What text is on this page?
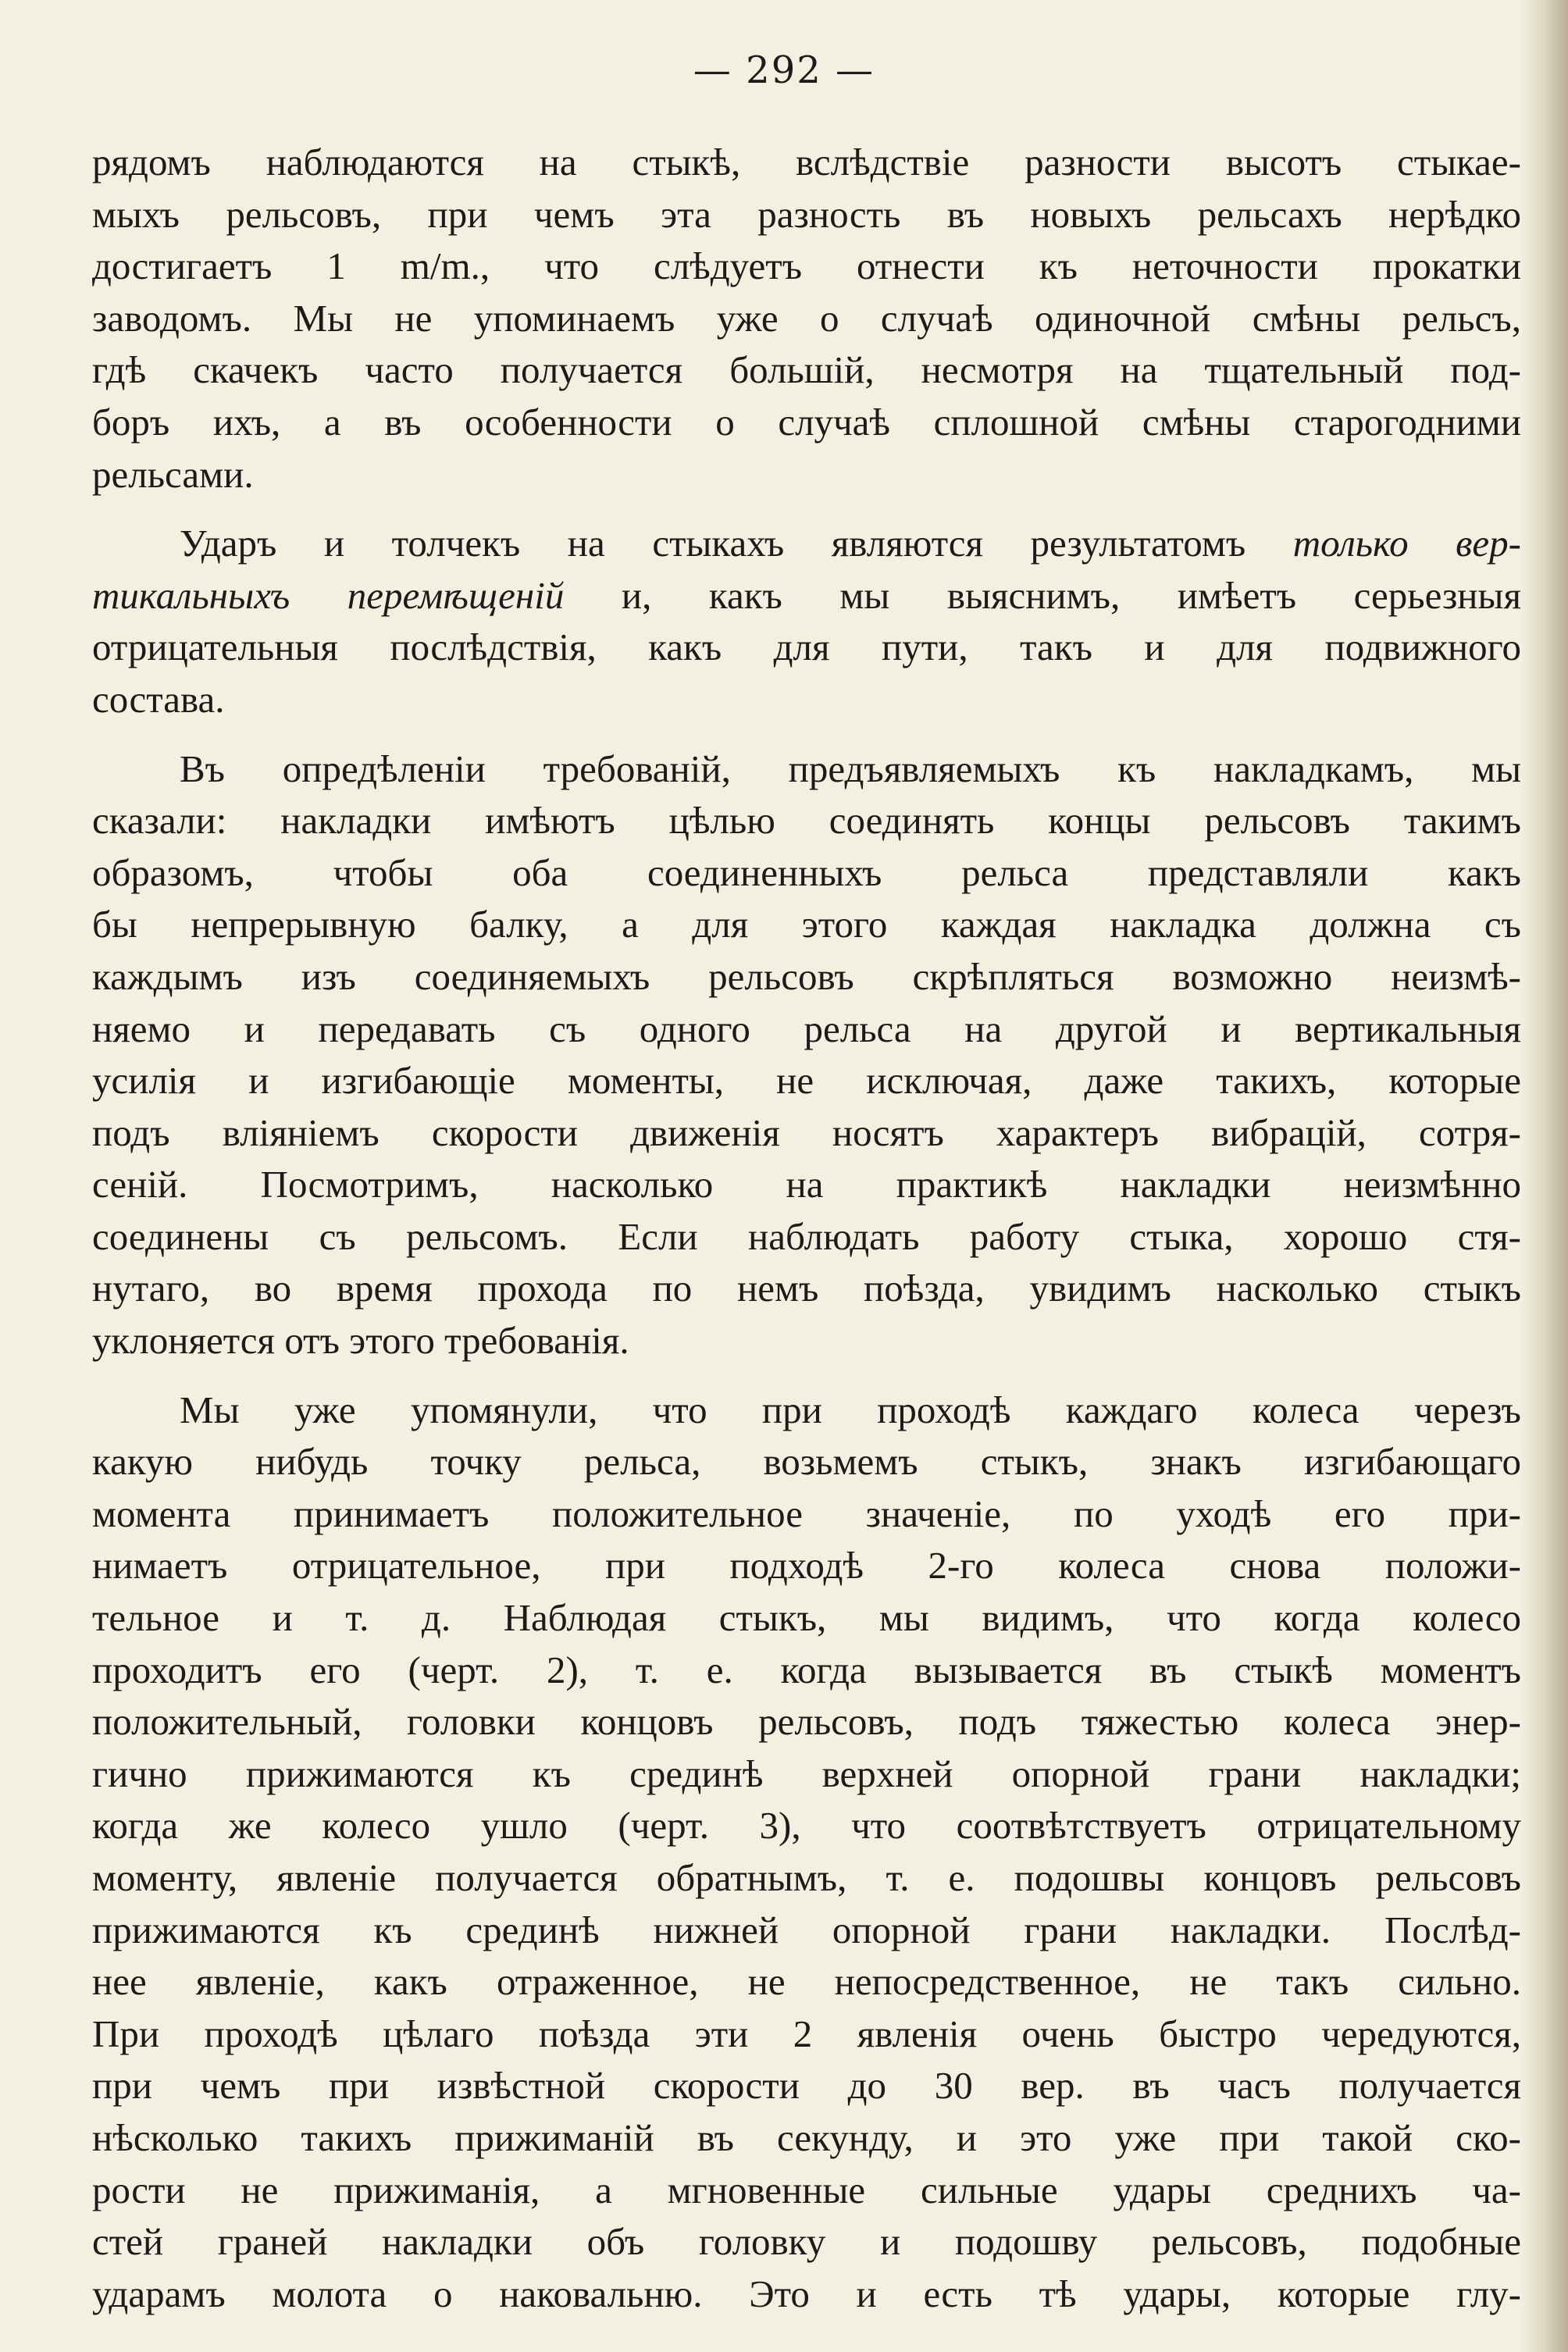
— 292 —
рядомъ наблюдаются на стыкѣ, вслѣдствіе разности высотъ стыкае-
мыхъ рельсовъ, при чемъ эта разность въ новыхъ рельсахъ нерѣдко
достигаетъ 1 m/m., что слѣдуетъ отнести къ неточности прокатки
заводомъ. Мы не упоминаемъ уже о случаѣ одиночной смѣны рельсъ,
гдѣ скачекъ часто получается большій, несмотря на тщательный под-
боръ ихъ, а въ особенности о случаѣ сплошной смѣны старогодними
рельсами.
Ударъ и толчекъ на стыкахъ являются результатомъ только вер-
тикальныхъ перемѣщеній и, какъ мы выяснимъ, имѣетъ серьезныя
отрицательныя послѣдствія, какъ для пути, такъ и для подвижного
состава.
Въ опредѣленіи требованій, предъявляемыхъ къ накладкамъ, мы
сказали: накладки имѣютъ цѣлью соединять концы рельсовъ такимъ
образомъ, чтобы оба соединенныхъ рельса представляли какъ
бы непрерывную балку, а для этого каждая накладка должна съ
каждымъ изъ соединяемыхъ рельсовъ скрѣпляться возможно неизмѣ-
няемо и передавать съ одного рельса на другой и вертикальныя
усилія и изгибающіе моменты, не исключая, даже такихъ, которые
подъ вліяніемъ скорости движенія носятъ характеръ вибрацій, сотря-
сеній. Посмотримъ, насколько на практикѣ накладки неизмѣнно
соединены съ рельсомъ. Если наблюдать работу стыка, хорошо стя-
нутаго, во время прохода по немъ поѣзда, увидимъ насколько стыкъ
уклоняется отъ этого требованія.
Мы уже упомянули, что при проходѣ каждаго колеса черезъ
какую нибудь точку рельса, возьмемъ стыкъ, знакъ изгибающаго
момента принимаетъ положительное значеніе, по уходѣ его при-
нимаетъ отрицательное, при подходѣ 2-го колеса снова положи-
тельное и т. д. Наблюдая стыкъ, мы видимъ, что когда колесо
проходитъ его (черт. 2), т. е. когда вызывается въ стыкѣ моментъ
положительный, головки концовъ рельсовъ, подъ тяжестью колеса энер-
гично прижимаются къ срединѣ верхней опорной грани накладки;
когда же колесо ушло (черт. 3), что соотвѣтствуетъ отрицательному
моменту, явленіе получается обратнымъ, т. е. подошвы концовъ рельсовъ
прижимаются къ срединѣ нижней опорной грани накладки. Послѣд-
нее явленіе, какъ отраженное, не непосредственное, не такъ сильно.
При проходѣ цѣлаго поѣзда эти 2 явленія очень быстро чередуются,
при чемъ при извѣстной скорости до 30 вер. въ часъ получается
нѣсколько такихъ прижиманій въ секунду, и это уже при такой ско-
рости не прижиманія, а мгновенные сильные удары среднихъ ча-
стей граней накладки объ головку и подошву рельсовъ, подобные
ударамъ молота о наковальню. Это и есть тѣ удары, которые глу-
